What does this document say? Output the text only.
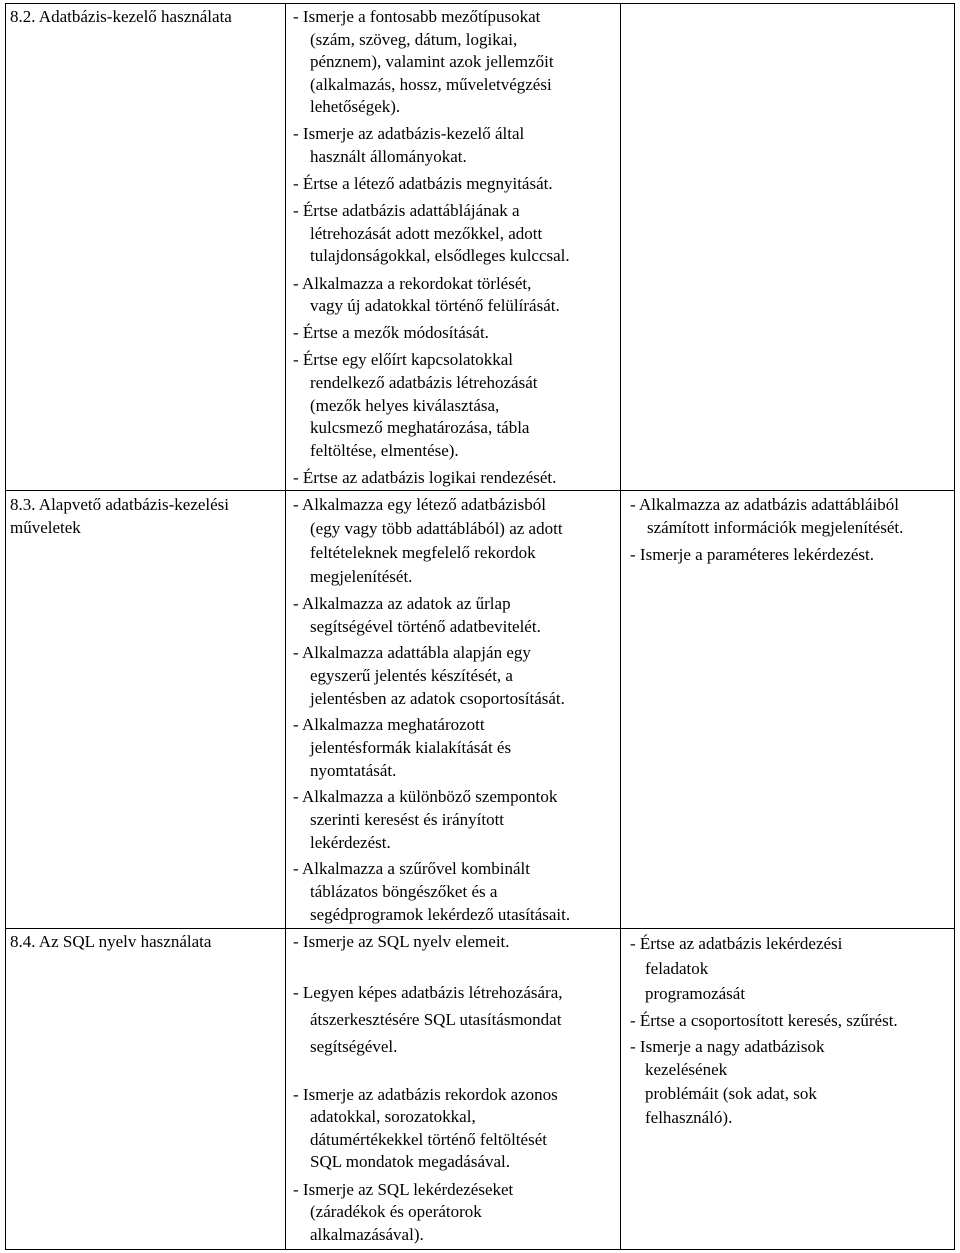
8.2. Adatbázis-kezelő használata	- Ismerje a fontosabb mezőtípusokat
(szám, szöveg, dátum, logikai,
pénznem), valamint azok jellemzőit
(alkalmazás, hossz, műveletvégzési
lehetőségek).
- Ismerje az adatbázis-kezelő által
használt állományokat.
- Értse a létező adatbázis megnyitását.
- Értse adatbázis adattáblájának a
létrehozását adott mezőkkel, adott
tulajdonságokkal, elsődleges kulccsal.
- Alkalmazza a rekordokat törlését,
vagy új adatokkal történő felülírását.
- Értse a mezők módosítását.
- Értse egy előírt kapcsolatokkal
rendelkező adatbázis létrehozását
(mezők helyes kiválasztása,
kulcsmező meghatározása, tábla
feltöltése, elmentése).
- Értse az adatbázis logikai rendezését.
8.3. Alapvető adatbázis-kezelési
műveletek
- Alkalmazza egy létező adatbázisból
(egy vagy több adattáblából) az adott
feltételeknek megfelelő rekordok
megjelenítését.
- Alkalmazza az adatok az űrlap
segítségével történő adatbevitelét.
- Alkalmazza adattábla alapján egy
egyszerű jelentés készítését, a
jelentésben az adatok csoportosítását.
- Alkalmazza meghatározott
jelentésformák kialakítását és
nyomtatását.
- Alkalmazza a különböző szempontok
szerinti keresést és irányított
lekérdezést.
- Alkalmazza a szűrővel kombinált
táblázatos böngészőket és a
segédprogramok lekérdező utasításait.
- Alkalmazza az adatbázis adattábláiból
számított információk megjelenítését.
- Ismerje a paraméteres lekérdezést.
8.4. Az SQL nyelv használata	- Ismerje az SQL nyelv elemeit.
- Legyen képes adatbázis létrehozására,
átszerkesztésére SQL utasításmondat
segítségével.
- Ismerje az adatbázis rekordok azonos
adatokkal, sorozatokkal,
dátumértékekkel történő feltöltését
SQL mondatok megadásával.
- Ismerje az SQL lekérdezéseket
(záradékok és operátorok
alkalmazásával).
- Értse az adatbázis lekérdezési
feladatok
programozását
- Értse a csoportosított keresés, szűrést.
- Ismerje a nagy adatbázisok
kezelésének
problémáit (sok adat, sok
felhasználó).
